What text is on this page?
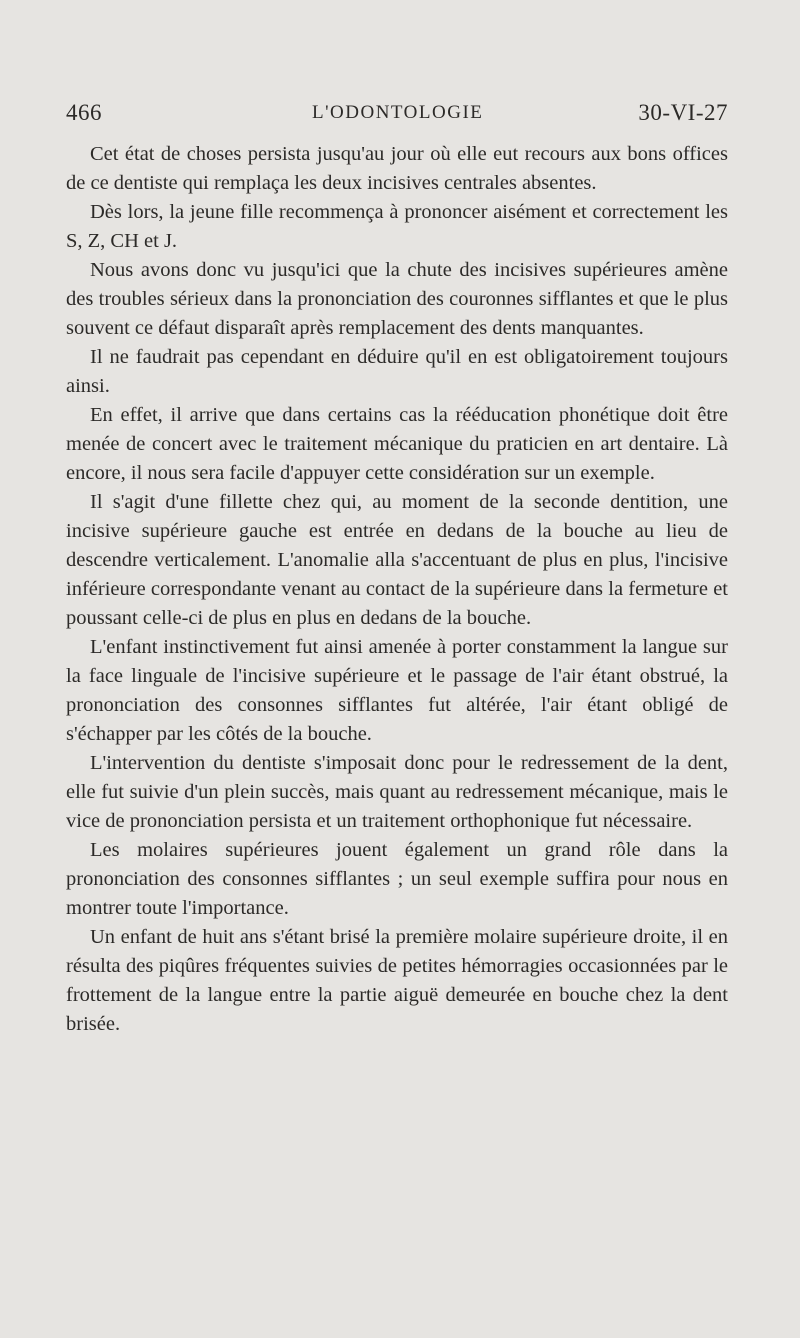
466	L'ODONTOLOGIE	30-VI-27

Cet état de choses persista jusqu'au jour où elle eut recours aux bons offices de ce dentiste qui remplaça les deux incisives centrales absentes.

Dès lors, la jeune fille recommença à prononcer aisément et correctement les S, Z, CH et J.

Nous avons donc vu jusqu'ici que la chute des incisives supérieures amène des troubles sérieux dans la prononciation des couronnes sifflantes et que le plus souvent ce défaut disparaît après remplacement des dents manquantes.

Il ne faudrait pas cependant en déduire qu'il en est obligatoirement toujours ainsi.

En effet, il arrive que dans certains cas la rééducation phonétique doit être menée de concert avec le traitement mécanique du praticien en art dentaire. Là encore, il nous sera facile d'appuyer cette considération sur un exemple.

Il s'agit d'une fillette chez qui, au moment de la seconde dentition, une incisive supérieure gauche est entrée en dedans de la bouche au lieu de descendre verticalement. L'anomalie alla s'accentuant de plus en plus, l'incisive inférieure correspondante venant au contact de la supérieure dans la fermeture et poussant celle-ci de plus en plus en dedans de la bouche.

L'enfant instinctivement fut ainsi amenée à porter constamment la langue sur la face linguale de l'incisive supérieure et le passage de l'air étant obstrué, la prononciation des consonnes sifflantes fut altérée, l'air étant obligé de s'échapper par les côtés de la bouche.

L'intervention du dentiste s'imposait donc pour le redressement de la dent, elle fut suivie d'un plein succès, mais quant au redressement mécanique, mais le vice de prononciation persista et un traitement orthophonique fut nécessaire.

Les molaires supérieures jouent également un grand rôle dans la prononciation des consonnes sifflantes ; un seul exemple suffira pour nous en montrer toute l'importance.

Un enfant de huit ans s'étant brisé la première molaire supérieure droite, il en résulta des piqûres fréquentes suivies de petites hémorragies occasionnées par le frottement de la langue entre la partie aiguë demeurée en bouche chez la dent brisée.
